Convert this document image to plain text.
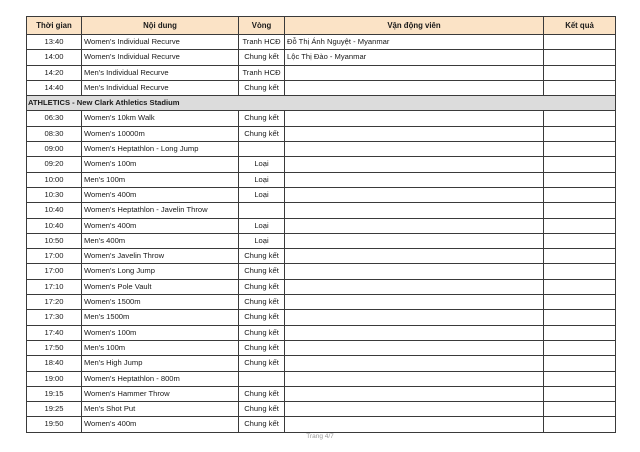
Thời gian	Nội dung	Vòng	Vận động viên	Kết quả
13:40	Women's Individual Recurve	Tranh HCĐ	Đỗ Thị Ánh Nguyệt - Myanmar	
14:00	Women's Individual Recurve	Chung kết	Lộc Thị Đào - Myanmar	
14:20	Men's Individual Recurve	Tranh HCĐ		
14:40	Men's Individual Recurve	Chung kết		
ATHLETICS - New Clark Athletics Stadium				
06:30	Women's 10km Walk	Chung kết		
08:30	Women's 10000m	Chung kết		
09:00	Women's Heptathlon - Long Jump			
09:20	Women's 100m	Loại		
10:00	Men's 100m	Loại		
10:30	Women's 400m	Loại		
10:40	Women's Heptathlon - Javelin Throw			
10:40	Women's 400m	Loại		
10:50	Men's 400m	Loại		
17:00	Women's Javelin Throw	Chung kết		
17:00	Women's Long Jump	Chung kết		
17:10	Women's Pole Vault	Chung kết		
17:20	Women's 1500m	Chung kết		
17:30	Men's 1500m	Chung kết		
17:40	Women's 100m	Chung kết		
17:50	Men's 100m	Chung kết		
18:40	Men's High Jump	Chung kết		
19:00	Women's Heptathlon - 800m			
19:15	Women's Hammer Throw	Chung kết		
19:25	Men's Shot Put	Chung kết		
19:50	Women's 400m	Chung kết		
Trang 4/7
